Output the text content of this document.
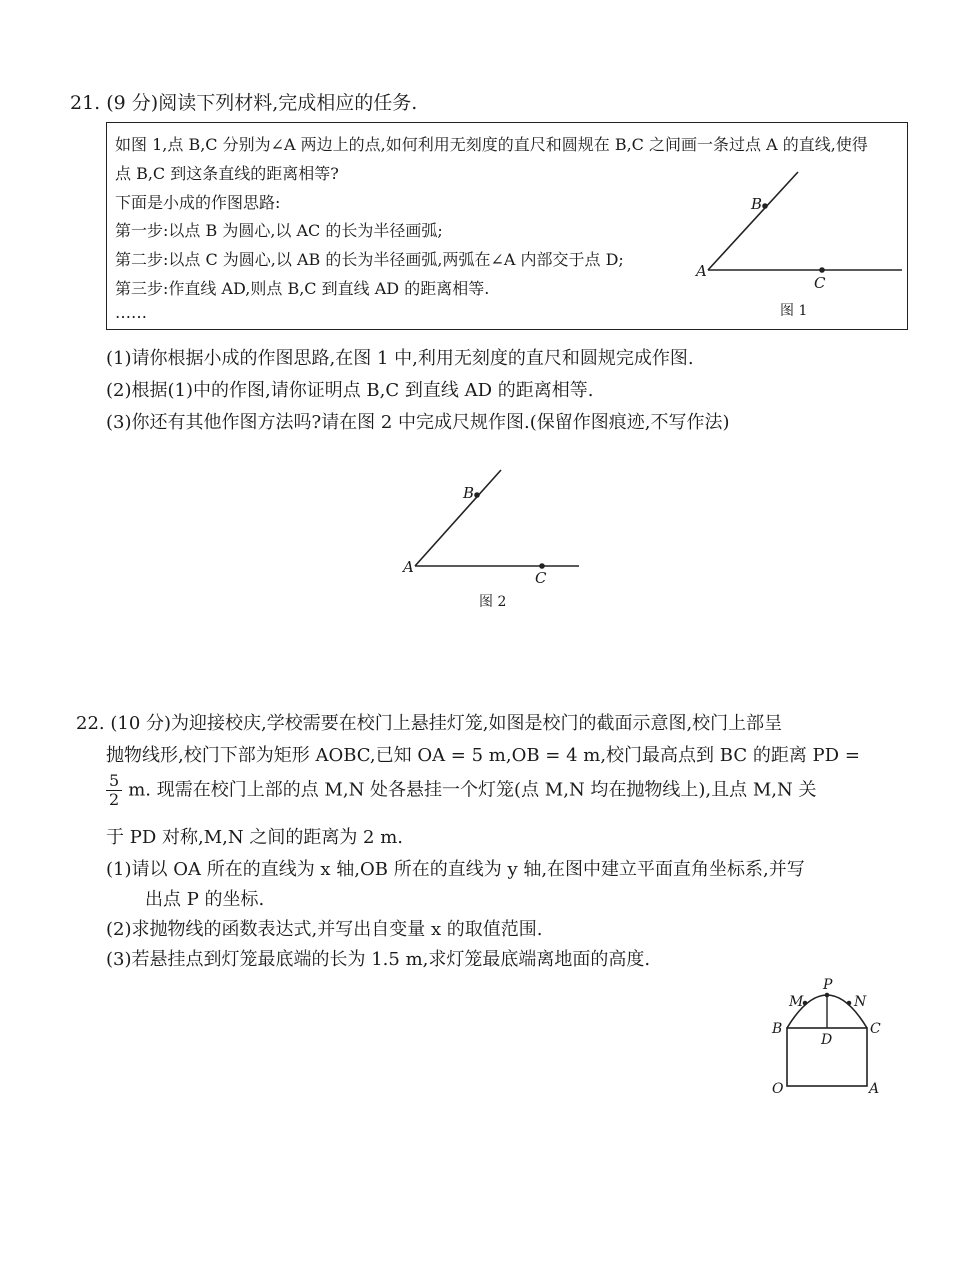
21. (9 分)阅读下列材料,完成相应的任务.
如图 1,点 B,C 分别为∠A 两边上的点,如何利用无刻度的直尺和圆规在 B,C 之间画一条过点 A 的直线,使得
点 B,C 到这条直线的距离相等?
下面是小成的作图思路:
第一步:以点 B 为圆心,以 AC 的长为半径画弧;
第二步:以点 C 为圆心,以 AB 的长为半径画弧,两弧在∠A 内部交于点 D;
第三步:作直线 AD,则点 B,C 到直线 AD 的距离相等.
……
A
B
C
图 1
(1)请你根据小成的作图思路,在图 1 中,利用无刻度的直尺和圆规完成作图.
(2)根据(1)中的作图,请你证明点 B,C 到直线 AD 的距离相等.
(3)你还有其他作图方法吗?请在图 2 中完成尺规作图.(保留作图痕迹,不写作法)
A
B
C
图 2
22. (10 分)为迎接校庆,学校需要在校门上悬挂灯笼,如图是校门的截面示意图,校门上部呈
抛物线形,校门下部为矩形 AOBC,已知 OA = 5 m,OB = 4 m,校门最高点到 BC 的距离 PD =
$\frac{5}{2} m$. 现需在校门上部的点 M,N 处各悬挂一个灯笼(点 M,N 均在抛物线上),且点 M,N 关
于 PD 对称,M,N 之间的距离为 2 m.
(1)请以 OA 所在的直线为 x 轴,OB 所在的直线为 y 轴,在图中建立平面直角坐标系,并写
出点 P 的坐标.
(2)求抛物线的函数表达式,并写出自变量 x 的取值范围.
(3)若悬挂点到灯笼最底端的长为 1.5 m,求灯笼最底端离地面的高度.
P
M	N
B	C
D
O	A
